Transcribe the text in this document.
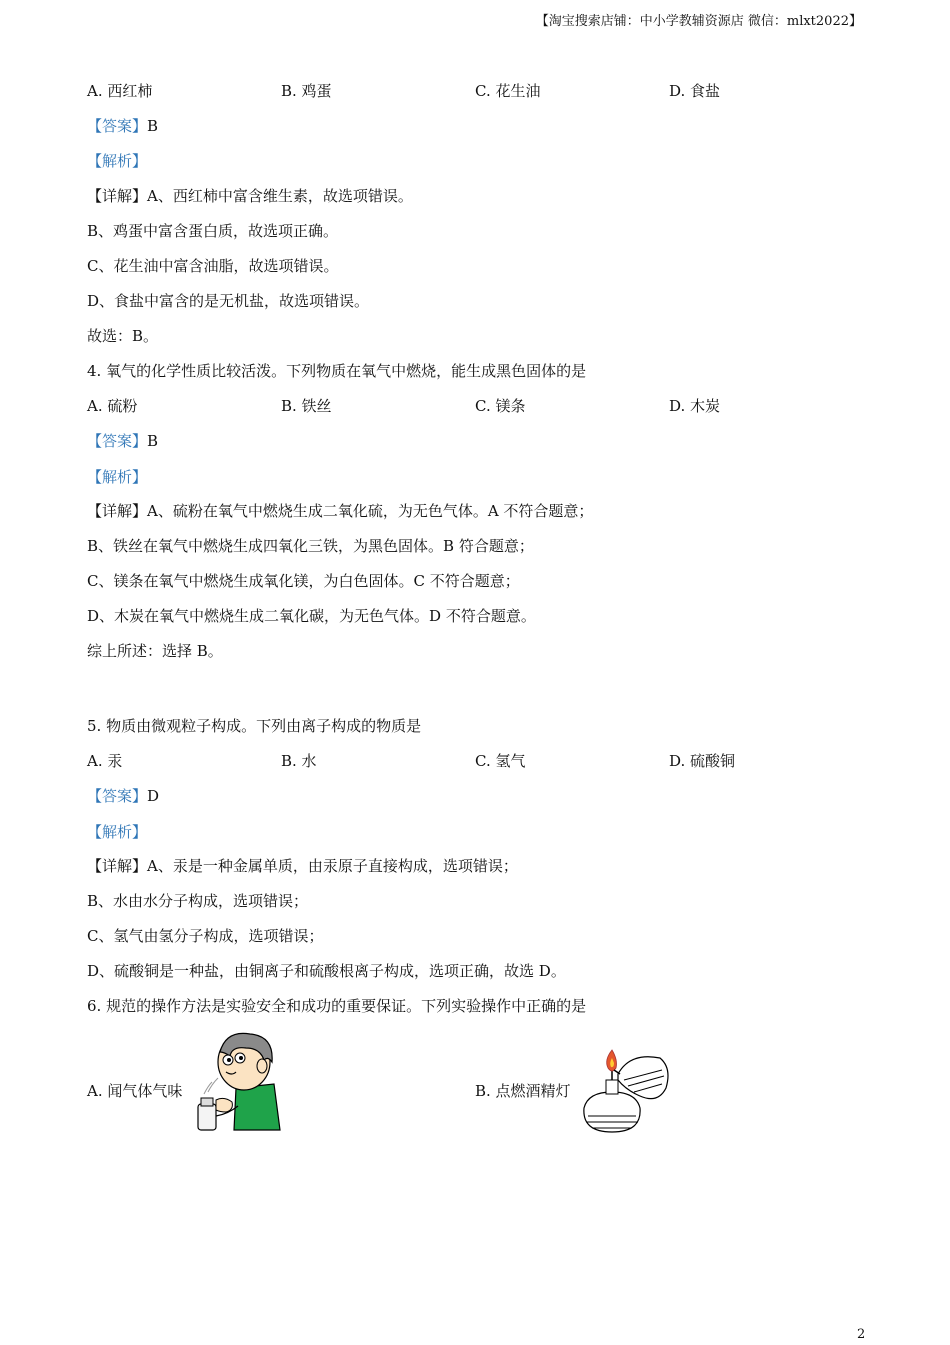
【淘宝搜索店铺：中小学教辅资源店 微信：mlxt2022】
A. 西红柿	B. 鸡蛋	C. 花生油	D. 食盐
【答案】B
【解析】
【详解】A、西红柿中富含维生素，故选项错误。
B、鸡蛋中富含蛋白质，故选项正确。
C、花生油中富含油脂，故选项错误。
D、食盐中富含的是无机盐，故选项错误。
故选：B。
4. 氧气的化学性质比较活泼。下列物质在氧气中燃烧，能生成黑色固体的是
A. 硫粉	B. 铁丝	C. 镁条	D. 木炭
【答案】B
【解析】
【详解】A、硫粉在氧气中燃烧生成二氧化硫，为无色气体。A 不符合题意；
B、铁丝在氧气中燃烧生成四氧化三铁，为黑色固体。B 符合题意；
C、镁条在氧气中燃烧生成氧化镁，为白色固体。C 不符合题意；
D、木炭在氧气中燃烧生成二氧化碳，为无色气体。D 不符合题意。
综上所述：选择 B。
5. 物质由微观粒子构成。下列由离子构成的物质是
A. 汞	B. 水	C. 氢气	D. 硫酸铜
【答案】D
【解析】
【详解】A、汞是一种金属单质，由汞原子直接构成，选项错误；
B、水由水分子构成，选项错误；
C、氢气由氢分子构成，选项错误；
D、硫酸铜是一种盐，由铜离子和硫酸根离子构成，选项正确，故选 D。
6. 规范的操作方法是实验安全和成功的重要保证。下列实验操作中正确的是
A. 闻气体气味	B. 点燃酒精灯
2
